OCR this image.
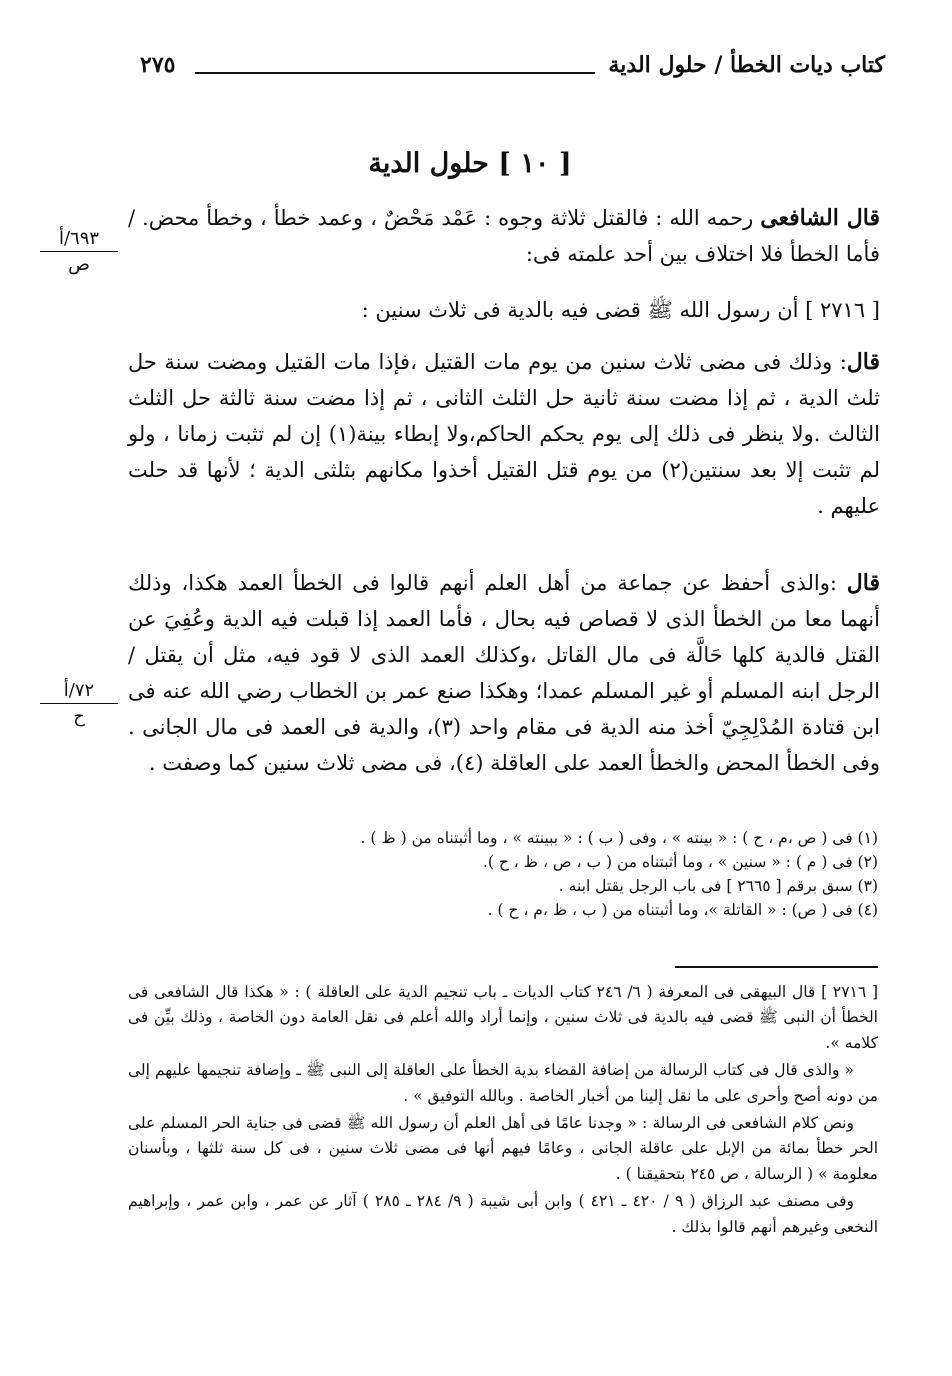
كتاب ديات الخطأ / حلول الدية
٢٧٥
[ ١٠ ] حلول الدية
٦٩٣/أ
ص
٧٢/أ
ح
قال الشافعى رحمه الله : فالقتل ثلاثة وجوه : عَمْد مَحْضٌ ، وعمد خطأ ، وخطأ محض. / فأما الخطأ فلا اختلاف بين أحد علمته فى:
[ ٢٧١٦ ] أن رسول الله ﷺ قضى فيه بالدية فى ثلاث سنين :
قال: وذلك فى مضى ثلاث سنين من يوم مات القتيل ،فإذا مات القتيل ومضت سنة حل ثلث الدية ، ثم إذا مضت سنة ثانية حل الثلث الثانى ، ثم إذا مضت سنة ثالثة حل الثلث الثالث .ولا ينظر فى ذلك إلى يوم يحكم الحاكم،ولا إبطاء بينة(١) إن لم تثبت زمانا ، ولو لم تثبت إلا بعد سنتين(٢) من يوم قتل القتيل أخذوا مكانهم بثلثى الدية ؛ لأنها قد حلت عليهم .
قال :والذى أحفظ عن جماعة من أهل العلم أنهم قالوا فى الخطأ العمد هكذا، وذلك أنهما معا من الخطأ الذى لا قصاص فيه بحال ، فأما العمد إذا قبلت فيه الدية وعُفِيَ عن القتل فالدية كلها حَالَّة فى مال القاتل ،وكذلك العمد الذى لا قود فيه، مثل أن يقتل / الرجل ابنه المسلم أو غير المسلم عمدا؛ وهكذا صنع عمر بن الخطاب رضي الله عنه فى ابن قتادة المُدْلِجِيّ أخذ منه الدية فى مقام واحد (٣)، والدية فى العمد فى مال الجانى . وفى الخطأ المحض والخطأ العمد على العاقلة (٤)، فى مضى ثلاث سنين كما وصفت .
(١) فى ( ص ،م ، ح ) : « بينته » ، وفى ( ب ) : « ببينته » ، وما أثبتناه من ( ظ ) .
(٢) فى ( م ) : « سنين » ، وما أثبتناه من ( ب ، ص ، ظ ، ح ).
(٣) سبق برقم [ ٢٦٦٥ ] فى باب الرجل يقتل ابنه .
(٤) فى ( ص) : « القاتلة »، وما أثبتناه من ( ب ، ظ ،م ، ح ) .

[ ٢٧١٦ ] قال البيهقى فى المعرفة ( ٦/ ٢٤٦ كتاب الديات ـ باب تنجيم الدية على العاقلة ) : « هكذا قال الشافعى فى الخطأ أن النبى ﷺ قضى فيه بالدية فى ثلاث سنين ، وإنما أراد والله أعلم فى نقل العامة دون الخاصة ، وذلك بيِّن فى كلامه ».

« والذى قال فى كتاب الرسالة من إضافة القضاء بدية الخطأ على العاقلة إلى النبى ﷺ ـ وإضافة تنجيمها عليهم إلى من دونه أصح وأحرى على ما نقل إلينا من أخبار الخاصة . وبالله التوفيق » .

ونص كلام الشافعى فى الرسالة : « وجدنا عامًا فى أهل العلم أن رسول الله ﷺ قضى فى جناية الحر المسلم على الحر خطأ بمائة من الإبل على عاقلة الجانى ، وعامًا فيهم أنها فى مضى ثلاث سنين ، فى كل سنة ثلثها ، وبأسنان معلومة » ( الرسالة ، ص ٢٤٥ بتحقيقنا ) .

وفى مصنف عبد الرزاق ( ٩ / ٤٢٠ ـ ٤٢١ ) وابن أبى شيبة ( ٩/ ٢٨٤ ـ ٢٨٥ ) آثار عن عمر ، وابن عمر ، وإبراهيم النخعى وغيرهم أنهم قالوا بذلك .
